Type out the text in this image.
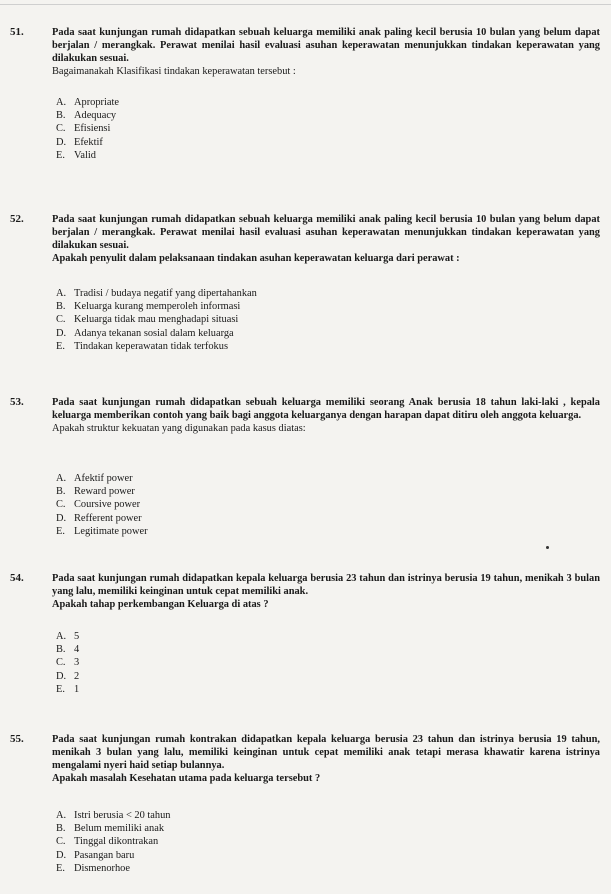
51.	Pada saat kunjungan rumah didapatkan sebuah keluarga memiliki anak paling kecil berusia 10 bulan yang belum dapat berjalan / merangkak. Perawat menilai hasil evaluasi asuhan keperawatan menunjukkan tindakan keperawatan yang dilakukan sesuai.

Bagaimanakah Klasifikasi tindakan keperawatan tersebut :

A. Apropriate
B. Adequacy
C. Efisiensi
D. Efektif
E. Valid
52.	Pada saat kunjungan rumah didapatkan sebuah keluarga memiliki anak paling kecil berusia 10 bulan yang belum dapat berjalan / merangkak. Perawat menilai hasil evaluasi asuhan keperawatan menunjukkan tindakan keperawatan yang dilakukan sesuai.

Apakah penyulit dalam pelaksanaan tindakan asuhan keperawatan keluarga dari perawat :

A. Tradisi / budaya negatif yang dipertahankan
B. Keluarga kurang memperoleh informasi
C. Keluarga tidak mau menghadapi situasi
D. Adanya tekanan sosial dalam keluarga
E. Tindakan keperawatan tidak terfokus
53.	Pada saat kunjungan rumah didapatkan sebuah keluarga memiliki seorang Anak berusia 18 tahun laki-laki , kepala keluarga memberikan contoh yang baik bagi anggota keluarganya dengan harapan dapat ditiru oleh anggota keluarga.

Apakah struktur kekuatan yang digunakan pada kasus diatas:

A. Afektif power
B. Reward power
C. Coursive power
D. Refferent power
E. Legitimate power
54.	Pada saat kunjungan rumah didapatkan kepala keluarga berusia 23 tahun dan istrinya berusia 19 tahun, menikah 3 bulan yang lalu, memiliki keinginan untuk cepat memiliki anak.

Apakah tahap perkembangan Keluarga di atas ?

A. 5
B. 4
C. 3
D. 2
E. 1
55.	Pada saat kunjungan rumah kontrakan didapatkan kepala keluarga berusia 23 tahun dan istrinya berusia 19 tahun, menikah 3 bulan yang lalu, memiliki keinginan untuk cepat memiliki anak tetapi merasa khawatir karena istrinya mengalami nyeri haid setiap bulannya.

Apakah masalah Kesehatan utama pada keluarga tersebut ?

A. Istri berusia < 20 tahun
B. Belum memiliki anak
C. Tinggal dikontrakan
D. Pasangan baru
E. Dismenorhoe
